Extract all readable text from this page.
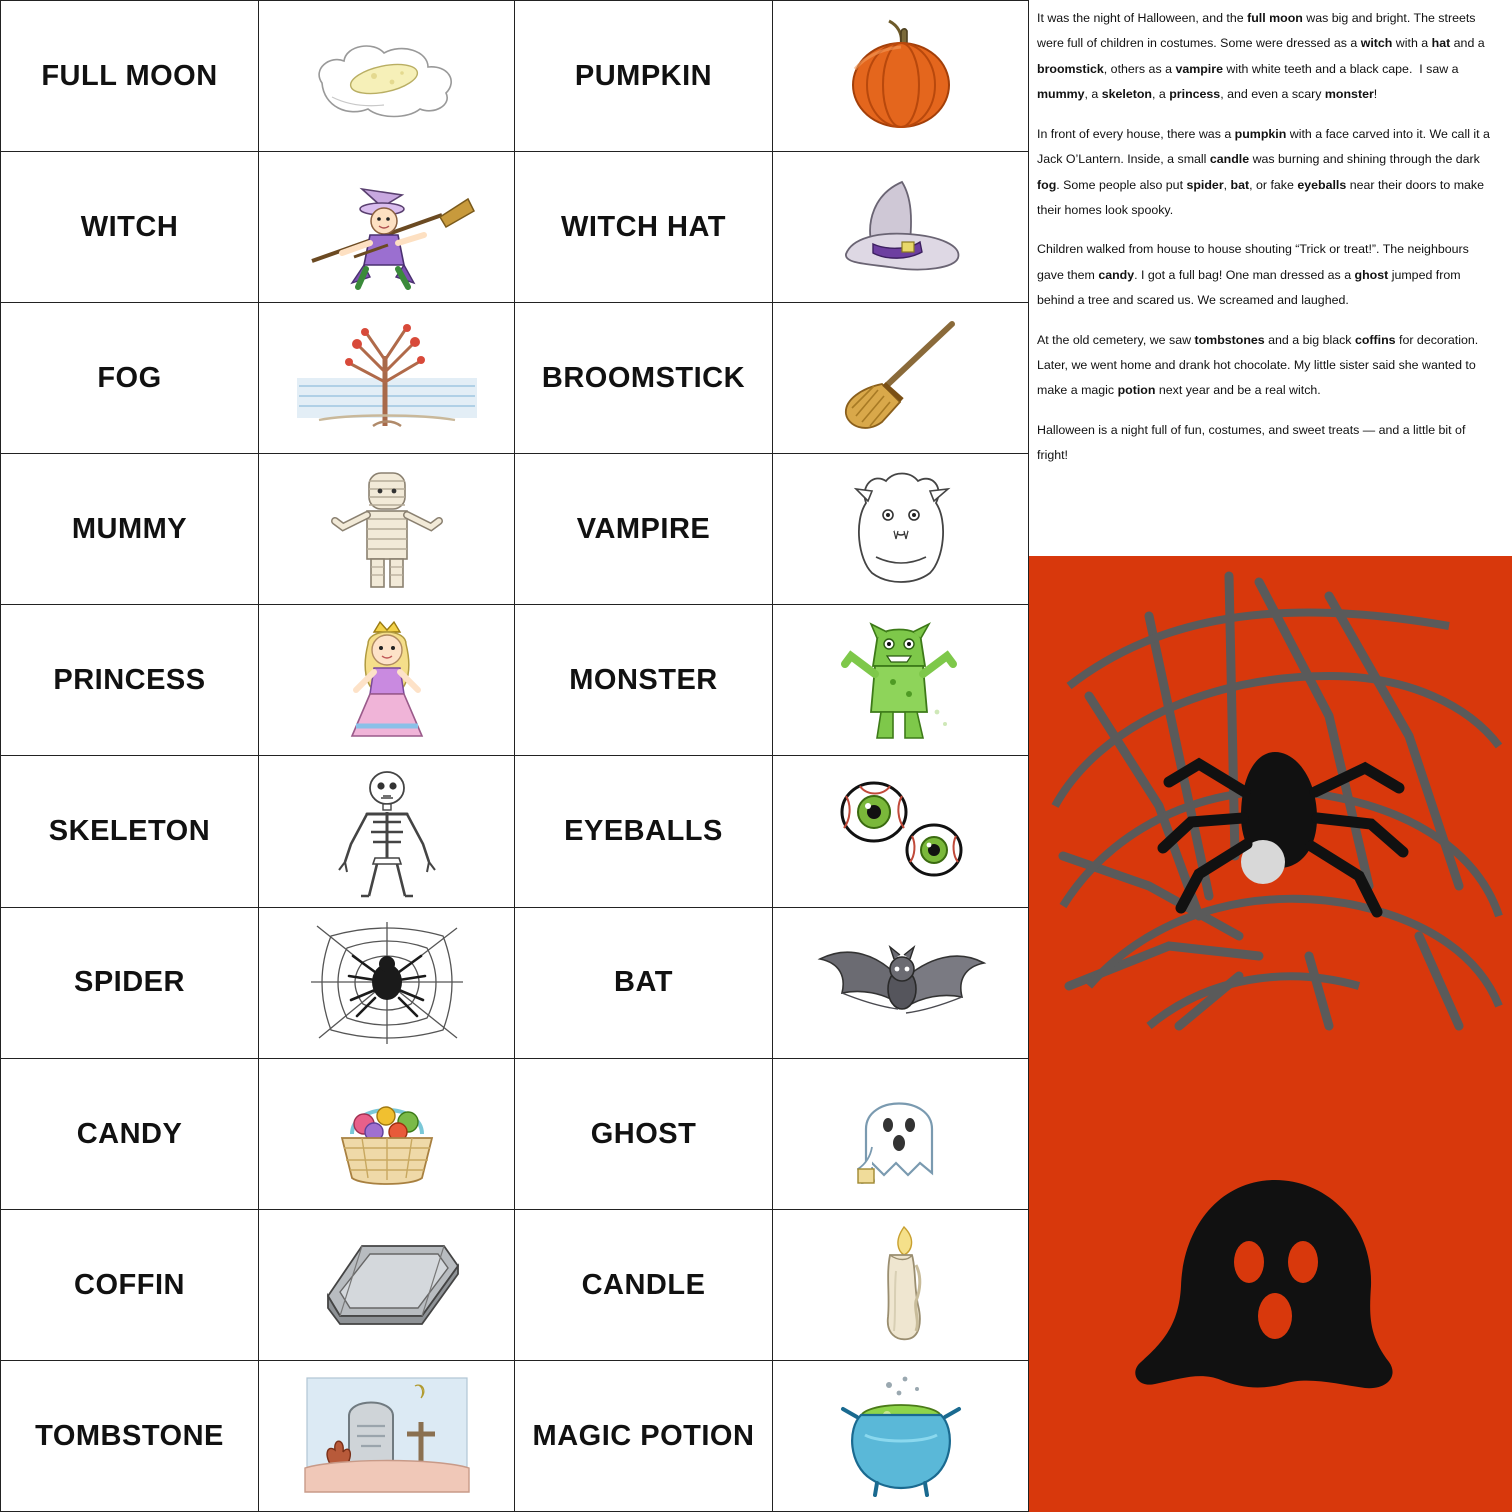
FULL MOON		PUMPKIN	

WITCH		WITCH HAT	

FOG		BROOMSTICK	

MUMMY		VAMPIRE	

PRINCESS		MONSTER	

SKELETON		EYEBALLS	

SPIDER		BAT	

CANDY		GHOST	

COFFIN		CANDLE	

TOMBSTONE		MAGIC POTION	

It was the night of Halloween, and the full moon was big and bright. The streets were full of children in costumes. Some were dressed as a witch with a hat and a broomstick, others as a vampire with white teeth and a black cape.  I saw a mummy, a skeleton, a princess, and even a scary monster!

In front of every house, there was a pumpkin with a face carved into it. We call it a Jack O’Lantern. Inside, a small candle was burning and shining through the dark fog. Some people also put spider, bat, or fake eyeballs near their doors to make their homes look spooky.

Children walked from house to house shouting “Trick or treat!”. The neighbours gave them candy. I got a full bag! One man dressed as a ghost jumped from behind a tree and scared us. We screamed and laughed.

At the old cemetery, we saw tombstones and a big black coffins for decoration. Later, we went home and drank hot chocolate. My little sister said she wanted to make a magic potion next year and be a real witch.

Halloween is a night full of fun, costumes, and sweet treats — and a little bit of fright!
